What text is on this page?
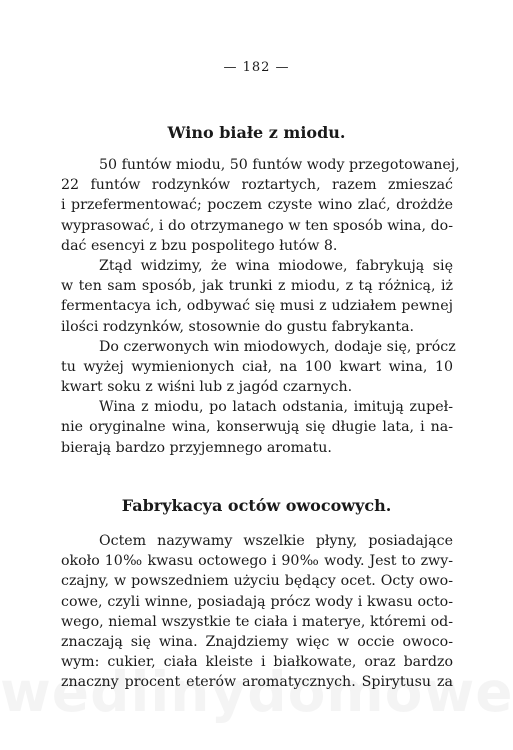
— 182 —
Wino białe z miodu.
50 funtów miodu, 50 funtów wody przegotowanej,
22 funtów rodzynków roztartych, razem zmieszać
i przefermentować; poczem czyste wino zlać, drożdże
wyprasować, i do otrzymanego w ten sposób wina, do-
dać esencyi z bzu pospolitego łutów 8.
Ztąd widzimy, że wina miodowe, fabrykują się
w ten sam sposób, jak trunki z miodu, z tą różnicą, iż
fermentacya ich, odbywać się musi z udziałem pewnej
ilości rodzynków, stosownie do gustu fabrykanta.
Do czerwonych win miodowych, dodaje się, prócz
tu wyżej wymienionych ciał, na 100 kwart wina, 10
kwart soku z wiśni lub z jagód czarnych.
Wina z miodu, po latach odstania, imitują zupeł-
nie oryginalne wina, konserwują się długie lata, i na-
bierają bardzo przyjemnego aromatu.
Fabrykacya octów owocowych.
Octem nazywamy wszelkie płyny, posiadające
około 10‰ kwasu octowego i 90‰ wody. Jest to zwy-
czajny, w powszedniem użyciu będący ocet. Octy owo-
cowe, czyli winne, posiadają prócz wody i kwasu octo-
wego, niemal wszystkie te ciała i materye, któremi od-
znaczają się wina. Znajdziemy więc w occie owoco-
wym: cukier, ciała kleiste i białkowate, oraz bardzo
znaczny procent eterów aromatycznych. Spirytusu za
